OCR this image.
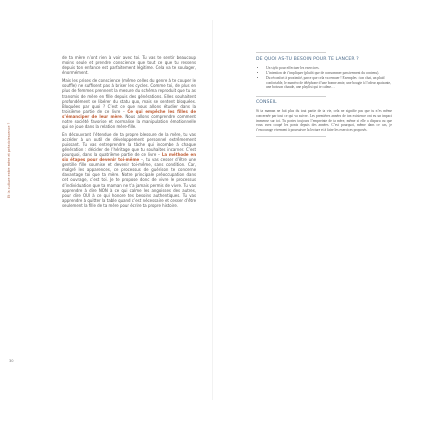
Et la culture entre mère et préadolescence ?

de ta mère n’ont rien à voir avec toi. Tu vas te sentir beaucoup moins seule et prendre conscience que tout ce que tu ressens depuis ton enfance est parfaitement légitime. Cela va te soulager, énormément.

Mais les prises de conscience (même celles du genre à te couper le souffle) ne suffisent pas à briser les cycles. Comme toi, de plus en plus de femmes prennent la mesure du schéma reproduit que tu as transmis de mère en fille depuis des générations. Elles souhaitent profondément se libérer du statu quo, mais se sentent bloquées. Bloquées par quoi ? C’est ce que nous allons étudier dans la troisième partie de ce livre – Ce qui empêche les filles de s’émanciper de leur mère. Nous allons comprendre comment notre société favorise et normalise la manipulation émotionnelle qui se joue dans la relation mère-fille.

En découvrant l’étendue de ta propre blessure de la mère, tu vas accéder à un outil de développement personnel extrêmement puissant. Tu vas entreprendre la tâche qui incombe à chaque génération : décider de l’héritage que tu souhaites incarner. C’est pourquoi, dans la quatrième partie de ce livre – La méthode en six étapes pour devenir toi-même –, tu vas cesser d’être une gentille fille soumise et devenir toi-même, sans condition. Car, malgré les apparences, ce processus de guérison te concerne davantage toi que ta mère. Notre principale préoccupation dans cet ouvrage, c’est toi. Je te propose donc de vivre le processus d’individuation que ta maman ne t’a jamais permis de vivre. Tu vas apprendre à dire NON à ce qui calme les angoisses des autres, pour dire OUI à ce qui honore tes besoins authentiques. Tu vas apprendre à quitter la table quand c’est nécessaire et cesser d’être seulement la fille de ta mère pour écrire ta propre histoire.

30
DE QUOI AS-TU BESOIN POUR TE LANCER ?
• Un stylo pour effectuer les exercices.
• L’intention de t’impliquer (plutôt que de consommer passivement du contenu).
• Du réconfort à proximité, parce que cela va remuer ! Exemples : ton chat, un plaid confortable, le numéro de téléphone d’une bonne amie, une bougie à l’odeur apaisante, une boisson chaude, une playlist qui te calme…
CONSEIL

Si ta maman ne fait plus du tout partie de ta vie, cela ne signifie pas que tu n’es même concernée par tout ce qui va suivre. Les premières années de ton existence ont eu un impact immense sur toi. Tu portes toujours l’empreinte de ta mère, même si elle a disparu ou que vous avez coupé les ponts depuis des années. C’est pourquoi, même dans ce cas, je t’encourage vivement à poursuivre la lecture et à faire les exercices proposés.
